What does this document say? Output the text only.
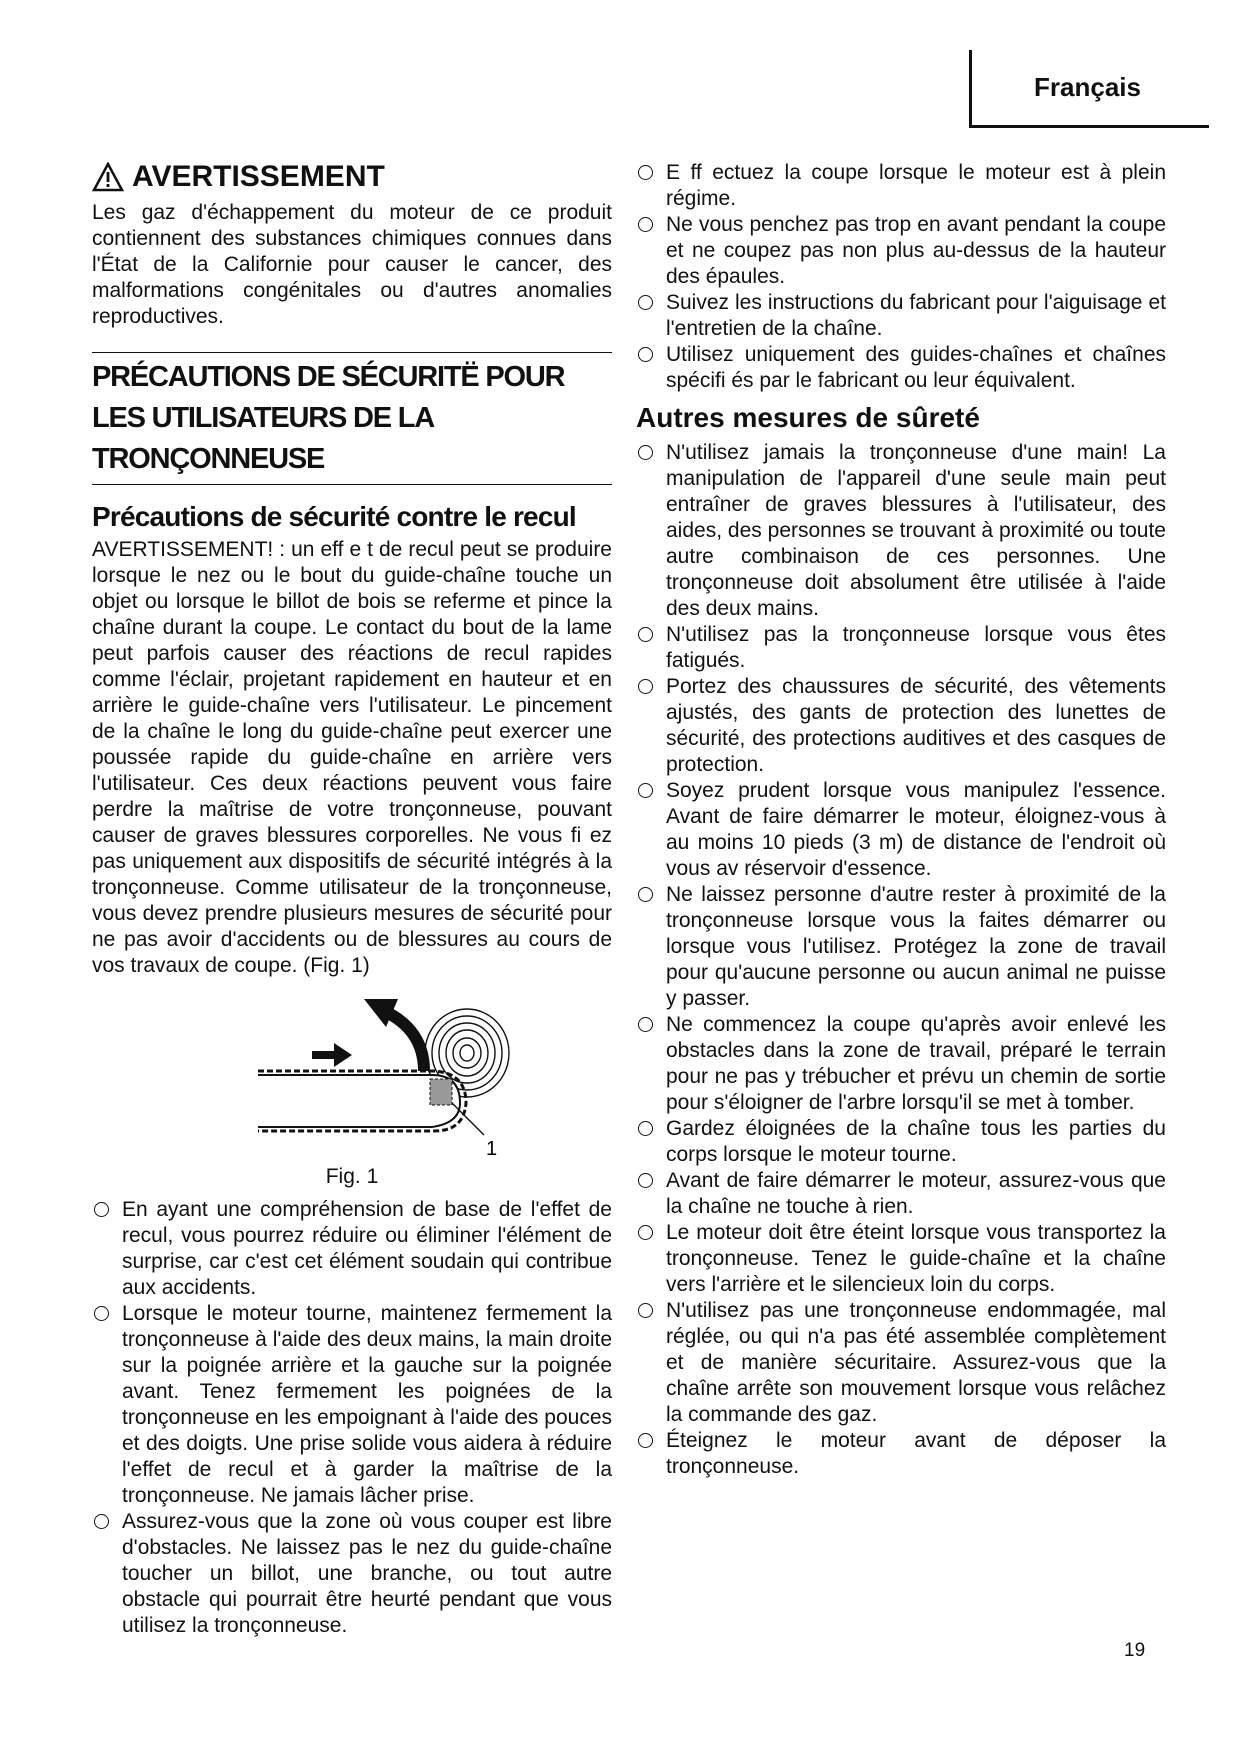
Français
AVERTISSEMENT

Les gaz d'échappement du moteur de ce produit contiennent des substances chimiques connues dans l'État de la Californie pour causer le cancer, des malformations congénitales ou d'autres anomalies reproductives.

PRÉCAUTIONS DE SÉCURITË POUR LES UTILISATEURS DE LA TRONÇONNEUSE
Précautions de sécurité contre le recul

AVERTISSEMENT! : un eff e t de recul peut se produire lorsque le nez ou le bout du guide-chaîne touche un objet ou lorsque le billot de bois se referme et pince la chaîne durant la coupe. Le contact du bout de la lame peut parfois causer des réactions de recul rapides comme l'éclair, projetant rapidement en hauteur et en arrière le guide-chaîne vers l'utilisateur. Le pincement de la chaîne le long du guide-chaîne peut exercer une poussée rapide du guide-chaîne en arrière vers l'utilisateur. Ces deux réactions peuvent vous faire perdre la maîtrise de votre tronçonneuse, pouvant causer de graves blessures corporelles. Ne vous fi ez pas uniquement aux dispositifs de sécurité intégrés à la tronçonneuse. Comme utilisateur de la tronçonneuse, vous devez prendre plusieurs mesures de sécurité pour ne pas avoir d'accidents ou de blessures au cours de vos travaux de coupe. (Fig. 1)

1
Fig. 1
En ayant une compréhension de base de l'effet de recul, vous pourrez réduire ou éliminer l'élément de surprise, car c'est cet élément soudain qui contribue aux accidents.
Lorsque le moteur tourne, maintenez fermement la tronçonneuse à l'aide des deux mains, la main droite sur la poignée arrière et la gauche sur la poignée avant. Tenez fermement les poignées de la tronçonneuse en les empoignant à l'aide des pouces et des doigts. Une prise solide vous aidera à réduire l'effet de recul et à garder la maîtrise de la tronçonneuse. Ne jamais lâcher prise.
Assurez-vous que la zone où vous couper est libre d'obstacles. Ne laissez pas le nez du guide-chaîne toucher un billot, une branche, ou tout autre obstacle qui pourrait être heurté pendant que vous utilisez la tronçonneuse.
E ff ectuez la coupe lorsque le moteur est à plein régime.
Ne vous penchez pas trop en avant pendant la coupe et ne coupez pas non plus au-dessus de la hauteur des épaules.
Suivez les instructions du fabricant pour l'aiguisage et l'entretien de la chaîne.
Utilisez uniquement des guides-chaînes et chaînes spécifi és par le fabricant ou leur équivalent.
Autres mesures de sûreté
N'utilisez jamais la tronçonneuse d'une main! La manipulation de l'appareil d'une seule main peut entraîner de graves blessures à l'utilisateur, des aides, des personnes se trouvant à proximité ou toute autre combinaison de ces personnes. Une tronçonneuse doit absolument être utilisée à l'aide des deux mains.
N'utilisez pas la tronçonneuse lorsque vous êtes fatigués.
Portez des chaussures de sécurité, des vêtements ajustés, des gants de protection des lunettes de sécurité, des protections auditives et des casques de protection.
Soyez prudent lorsque vous manipulez l'essence. Avant de faire démarrer le moteur, éloignez-vous à au moins 10 pieds (3 m) de distance de l'endroit où vous av réservoir d'essence.
Ne laissez personne d'autre rester à proximité de la tronçonneuse lorsque vous la faites démarrer ou lorsque vous l'utilisez. Protégez la zone de travail pour qu'aucune personne ou aucun animal ne puisse y passer.
Ne commencez la coupe qu'après avoir enlevé les obstacles dans la zone de travail, préparé le terrain pour ne pas y trébucher et prévu un chemin de sortie pour s'éloigner de l'arbre lorsqu'il se met à tomber.
Gardez éloignées de la chaîne tous les parties du corps lorsque le moteur tourne.
Avant de faire démarrer le moteur, assurez-vous que la chaîne ne touche à rien.
Le moteur doit être éteint lorsque vous transportez la tronçonneuse. Tenez le guide-chaîne et la chaîne vers l'arrière et le silencieux loin du corps.
N'utilisez pas une tronçonneuse endommagée, mal réglée, ou qui n'a pas été assemblée complètement et de manière sécuritaire. Assurez-vous que la chaîne arrête son mouvement lorsque vous relâchez la commande des gaz.
Éteignez le moteur avant de déposer la tronçonneuse.
19
